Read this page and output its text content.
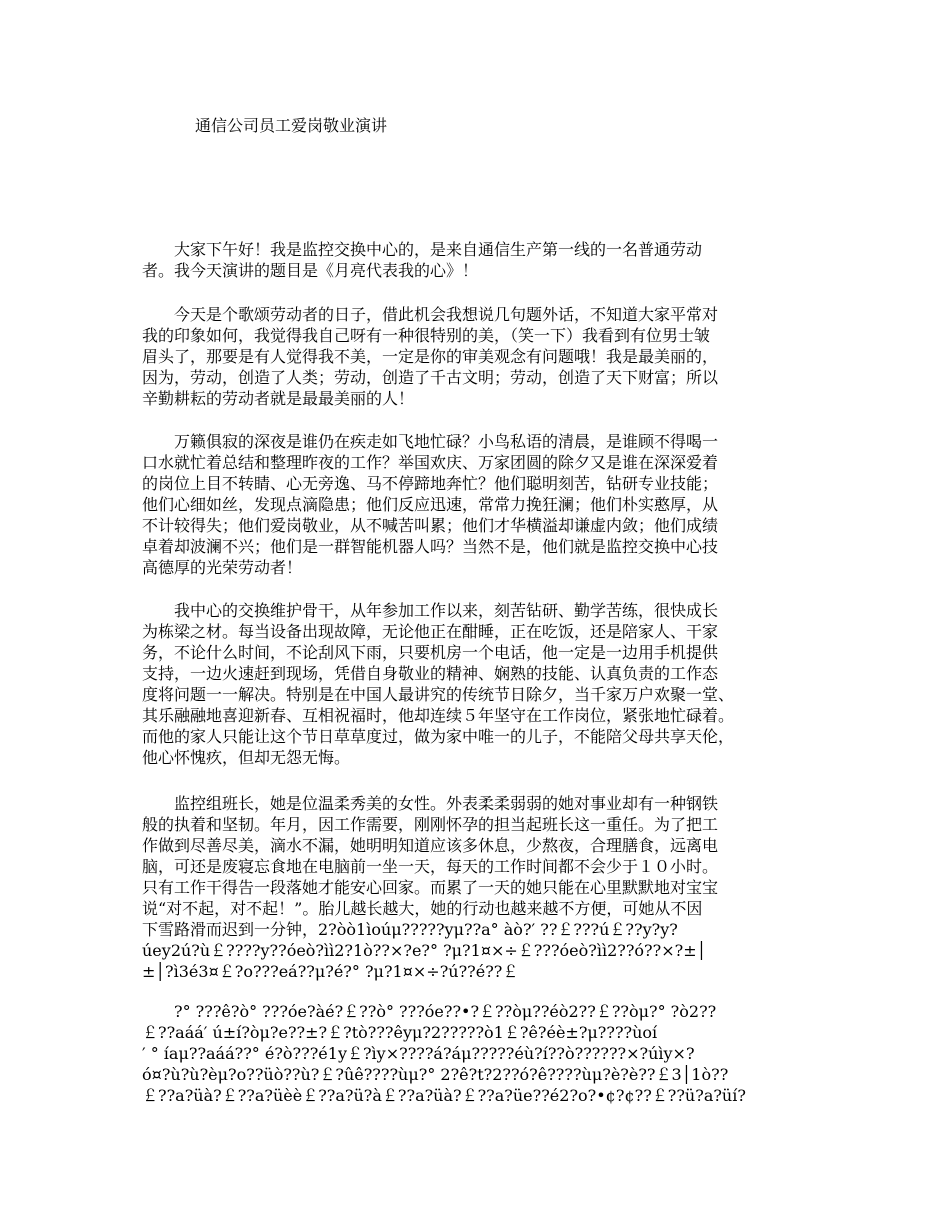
通信公司员工爱岗敬业演讲
　　大家下午好！我是监控交换中心的，是来自通信生产第一线的一名普通劳动
者。我今天演讲的题目是《月亮代表我的心》！
　　今天是个歌颂劳动者的日子，借此机会我想说几句题外话，不知道大家平常对
我的印象如何，我觉得我自己呀有一种很特别的美，（笑一下）我看到有位男士皱
眉头了，那要是有人觉得我不美，一定是你的审美观念有问题哦！我是最美丽的，
因为，劳动，创造了人类；劳动，创造了千古文明；劳动，创造了天下财富；所以
辛勤耕耘的劳动者就是最最美丽的人！
　　万籁俱寂的深夜是谁仍在疾走如飞地忙碌？小鸟私语的清晨，是谁顾不得喝一
口水就忙着总结和整理昨夜的工作？举国欢庆、万家团圆的除夕又是谁在深深爱着
的岗位上目不转睛、心无旁逸、马不停蹄地奔忙？他们聪明刻苦，钻研专业技能；
他们心细如丝，发现点滴隐患；他们反应迅速，常常力挽狂澜；他们朴实憨厚，从
不计较得失；他们爱岗敬业，从不喊苦叫累；他们才华横溢却谦虚内敛；他们成绩
卓着却波澜不兴；他们是一群智能机器人吗？当然不是，他们就是监控交换中心技
高德厚的光荣劳动者！
　　我中心的交换维护骨干，从年参加工作以来，刻苦钻研、勤学苦练，很快成长
为栋梁之材。每当设备出现故障，无论他正在酣睡，正在吃饭，还是陪家人、干家
务，不论什么时间，不论刮风下雨，只要机房一个电话，他一定是一边用手机提供
支持，一边火速赶到现场，凭借自身敬业的精神、娴熟的技能、认真负责的工作态
度将问题一一解决。特别是在中国人最讲究的传统节日除夕，当千家万户欢聚一堂、
其乐融融地喜迎新春、互相祝福时，他却连续５年坚守在工作岗位，紧张地忙碌着。
而他的家人只能让这个节日草草度过，做为家中唯一的儿子，不能陪父母共享天伦，
他心怀愧疚，但却无怨无悔。
　　监控组班长，她是位温柔秀美的女性。外表柔柔弱弱的她对事业却有一种钢铁
般的执着和坚韧。年月，因工作需要，刚刚怀孕的担当起班长这一重任。为了把工
作做到尽善尽美，滴水不漏，她明明知道应该多休息，少熬夜，合理膳食，远离电
脑，可还是废寝忘食地在电脑前一坐一天，每天的工作时间都不会少于１０小时。
只有工作干得告一段落她才能安心回家。而累了一天的她只能在心里默默地对宝宝
说“对不起，对不起！”。胎儿越长越大，她的行动也越来越不方便，可她从不因
下雪路滑而迟到一分钟，2?òò1ìoúμ?????yμ??a° àò?′ ??￡???ú￡??y?y?
úey2ú?ù￡????y??óeò?ìì2?1ò??×?e?° ?μ?1¤×÷￡???óeò?ìì2??ó??×?±│
±│?ì3é3¤￡?o???eá??μ?é?° ?μ?1¤×÷?ú??é??￡
　　?° ???ê?ò° ???óe?àé?￡??ò° ???óe??•?￡??òμ??éò2??￡??òμ?° ?ò2??
￡??aáá′ ú±í?òμ?e??±?￡?tò???êyμ?2?????ò1￡?ê?éè±?μ????ùoí
′ ° íaμ??aáá??° é?ò???é1y￡?ìy×????á?áμ?????éù?í??ò??????×?úìy×?
ó¤?ù?ù?èμ?o??üò??ù?￡?ûê????ùμ?° 2?ê?t?2??ó?ê????ùμ?è?è??￡3│1ò??
￡??a?üà?￡??a?üèè￡??a?ü?à￡??a?üà?￡??a?üe??é2?o?•¢?¢??￡??ü?a?üí?
